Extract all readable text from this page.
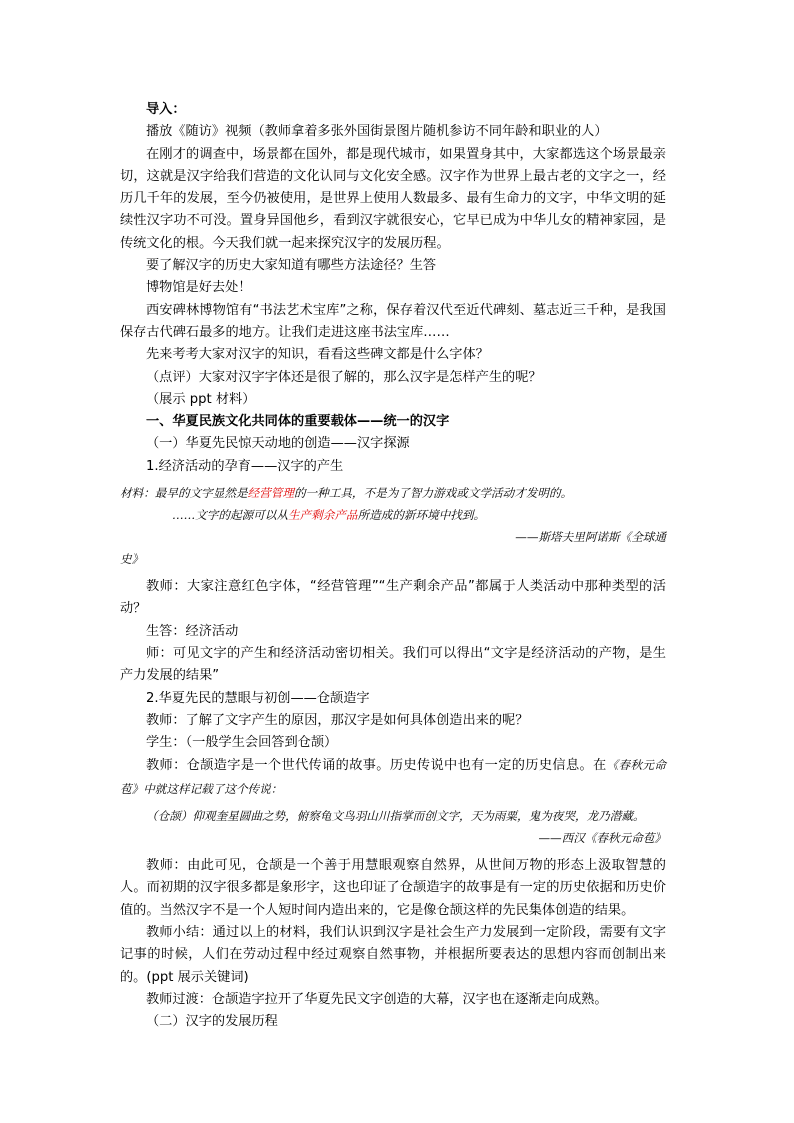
导入：

播放《随访》视频（教师拿着多张外国街景图片随机参访不同年龄和职业的人）

在刚才的调查中，场景都在国外，都是现代城市，如果置身其中，大家都选这个场景最亲切，这就是汉字给我们营造的文化认同与文化安全感。汉字作为世界上最古老的文字之一，经历几千年的发展，至今仍被使用，是世界上使用人数最多、最有生命力的文字，中华文明的延续性汉字功不可没。置身异国他乡，看到汉字就很安心，它早已成为中华儿女的精神家园，是传统文化的根。今天我们就一起来探究汉字的发展历程。

要了解汉字的历史大家知道有哪些方法途径？生答

博物馆是好去处！

西安碑林博物馆有“书法艺术宝库”之称，保存着汉代至近代碑刻、墓志近三千种，是我国保存古代碑石最多的地方。让我们走进这座书法宝库……

先来考考大家对汉字的知识，看看这些碑文都是什么字体？

（点评）大家对汉字字体还是很了解的，那么汉字是怎样产生的呢？

（展示 ppt 材料）

一、华夏民族文化共同体的重要载体——统一的汉字

（一）华夏先民惊天动地的创造——汉字探源

1.经济活动的孕育——汉字的产生

材料：最早的文字显然是经营管理的一种工具，不是为了智力游戏或文学活动才发明的。

……文字的起源可以从生产剩余产品所造成的新环境中找到。

——斯塔夫里阿诺斯《全球通

史》

教师：大家注意红色字体，“经营管理”“生产剩余产品”都属于人类活动中那种类型的活动？

生答：经济活动

师：可见文字的产生和经济活动密切相关。我们可以得出“文字是经济活动的产物，是生产力发展的结果”

2.华夏先民的慧眼与初创——仓颉造字

教师：了解了文字产生的原因，那汉字是如何具体创造出来的呢？

学生：（一般学生会回答到仓颉）

教师：仓颉造字是一个世代传诵的故事。历史传说中也有一定的历史信息。在《春秋元命苞》中就这样记载了这个传说：

（仓颉）仰观奎星圆曲之势，俯察龟文鸟羽山川指掌而创文字，天为雨粟，鬼为夜哭，龙乃潜藏。

——西汉《春秋元命苞》

教师：由此可见，仓颉是一个善于用慧眼观察自然界，从世间万物的形态上汲取智慧的人。而初期的汉字很多都是象形字，这也印证了仓颉造字的故事是有一定的历史依据和历史价值的。当然汉字不是一个人短时间内造出来的，它是像仓颉这样的先民集体创造的结果。

教师小结：通过以上的材料，我们认识到汉字是社会生产力发展到一定阶段，需要有文字记事的时候，人们在劳动过程中经过观察自然事物，并根据所要表达的思想内容而创制出来的。(ppt 展示关键词)

教师过渡：仓颉造字拉开了华夏先民文字创造的大幕，汉字也在逐渐走向成熟。

（二）汉字的发展历程
